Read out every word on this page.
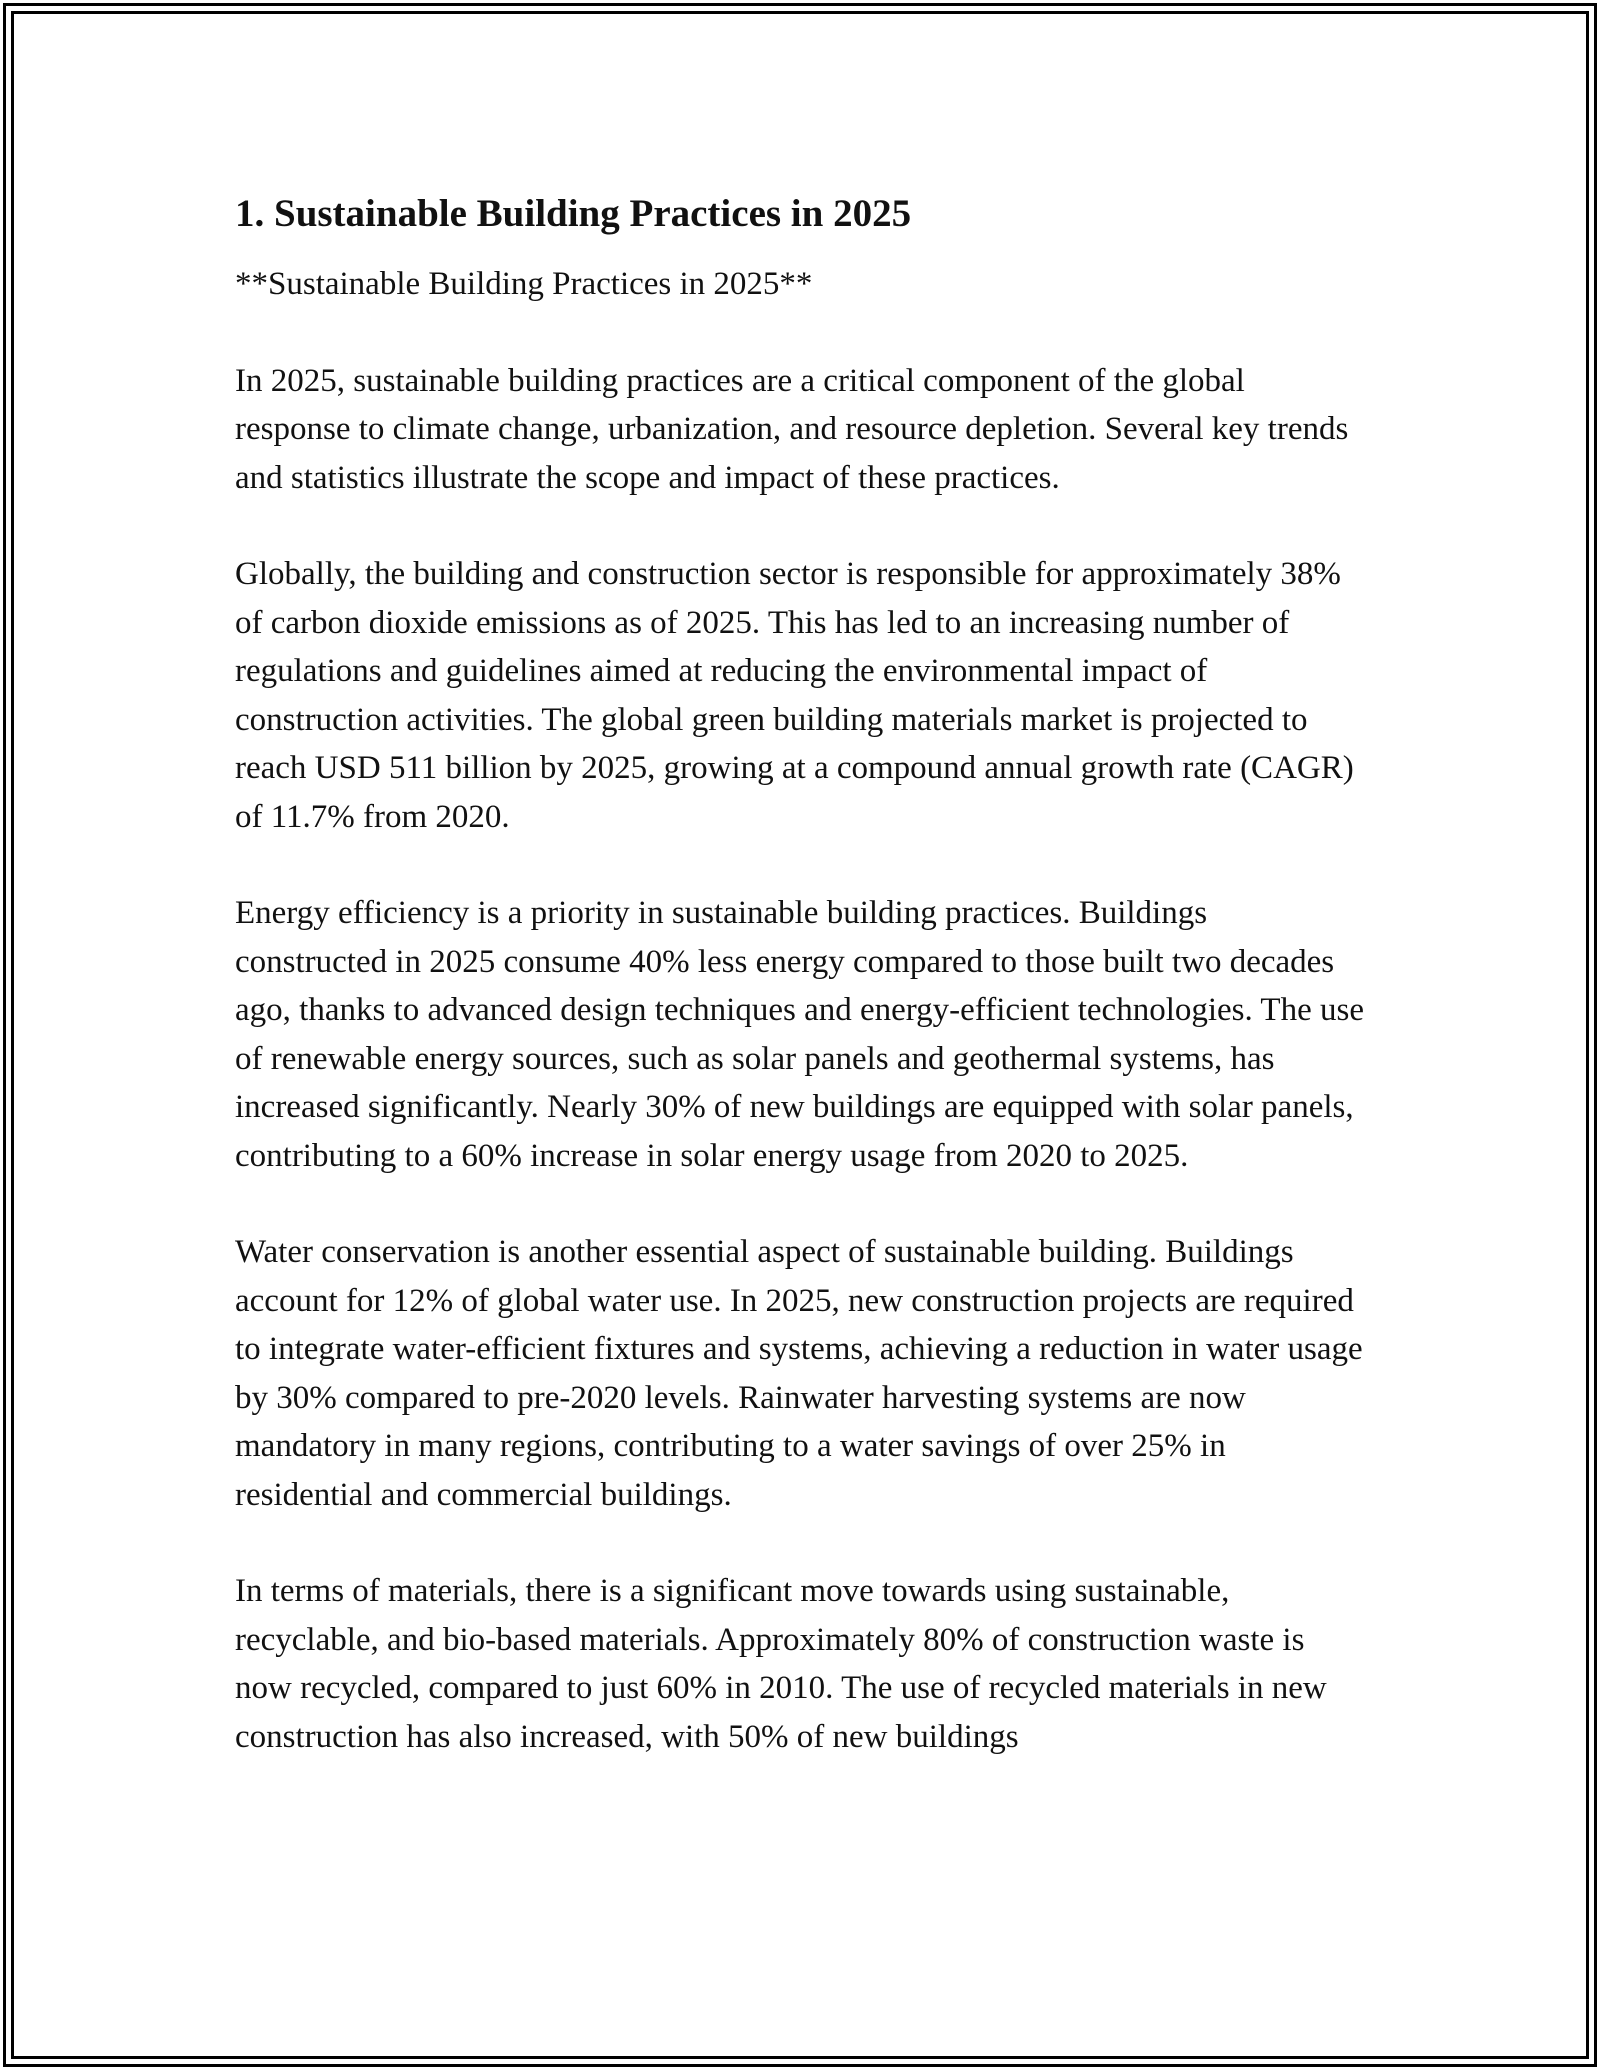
1. Sustainable Building Practices in 2025

**Sustainable Building Practices in 2025**

In 2025, sustainable building practices are a critical component of the global response to climate change, urbanization, and resource depletion. Several key trends and statistics illustrate the scope and impact of these practices.

Globally, the building and construction sector is responsible for approximately 38% of carbon dioxide emissions as of 2025. This has led to an increasing number of regulations and guidelines aimed at reducing the environmental impact of construction activities. The global green building materials market is projected to reach USD 511 billion by 2025, growing at a compound annual growth rate (CAGR) of 11.7% from 2020.

Energy efficiency is a priority in sustainable building practices. Buildings constructed in 2025 consume 40% less energy compared to those built two decades ago, thanks to advanced design techniques and energy-efficient technologies. The use of renewable energy sources, such as solar panels and geothermal systems, has increased significantly. Nearly 30% of new buildings are equipped with solar panels, contributing to a 60% increase in solar energy usage from 2020 to 2025.

Water conservation is another essential aspect of sustainable building. Buildings account for 12% of global water use. In 2025, new construction projects are required to integrate water-efficient fixtures and systems, achieving a reduction in water usage by 30% compared to pre-2020 levels. Rainwater harvesting systems are now mandatory in many regions, contributing to a water savings of over 25% in residential and commercial buildings.

In terms of materials, there is a significant move towards using sustainable, recyclable, and bio-based materials. Approximately 80% of construction waste is now recycled, compared to just 60% in 2010. The use of recycled materials in new construction has also increased, with 50% of new buildings
